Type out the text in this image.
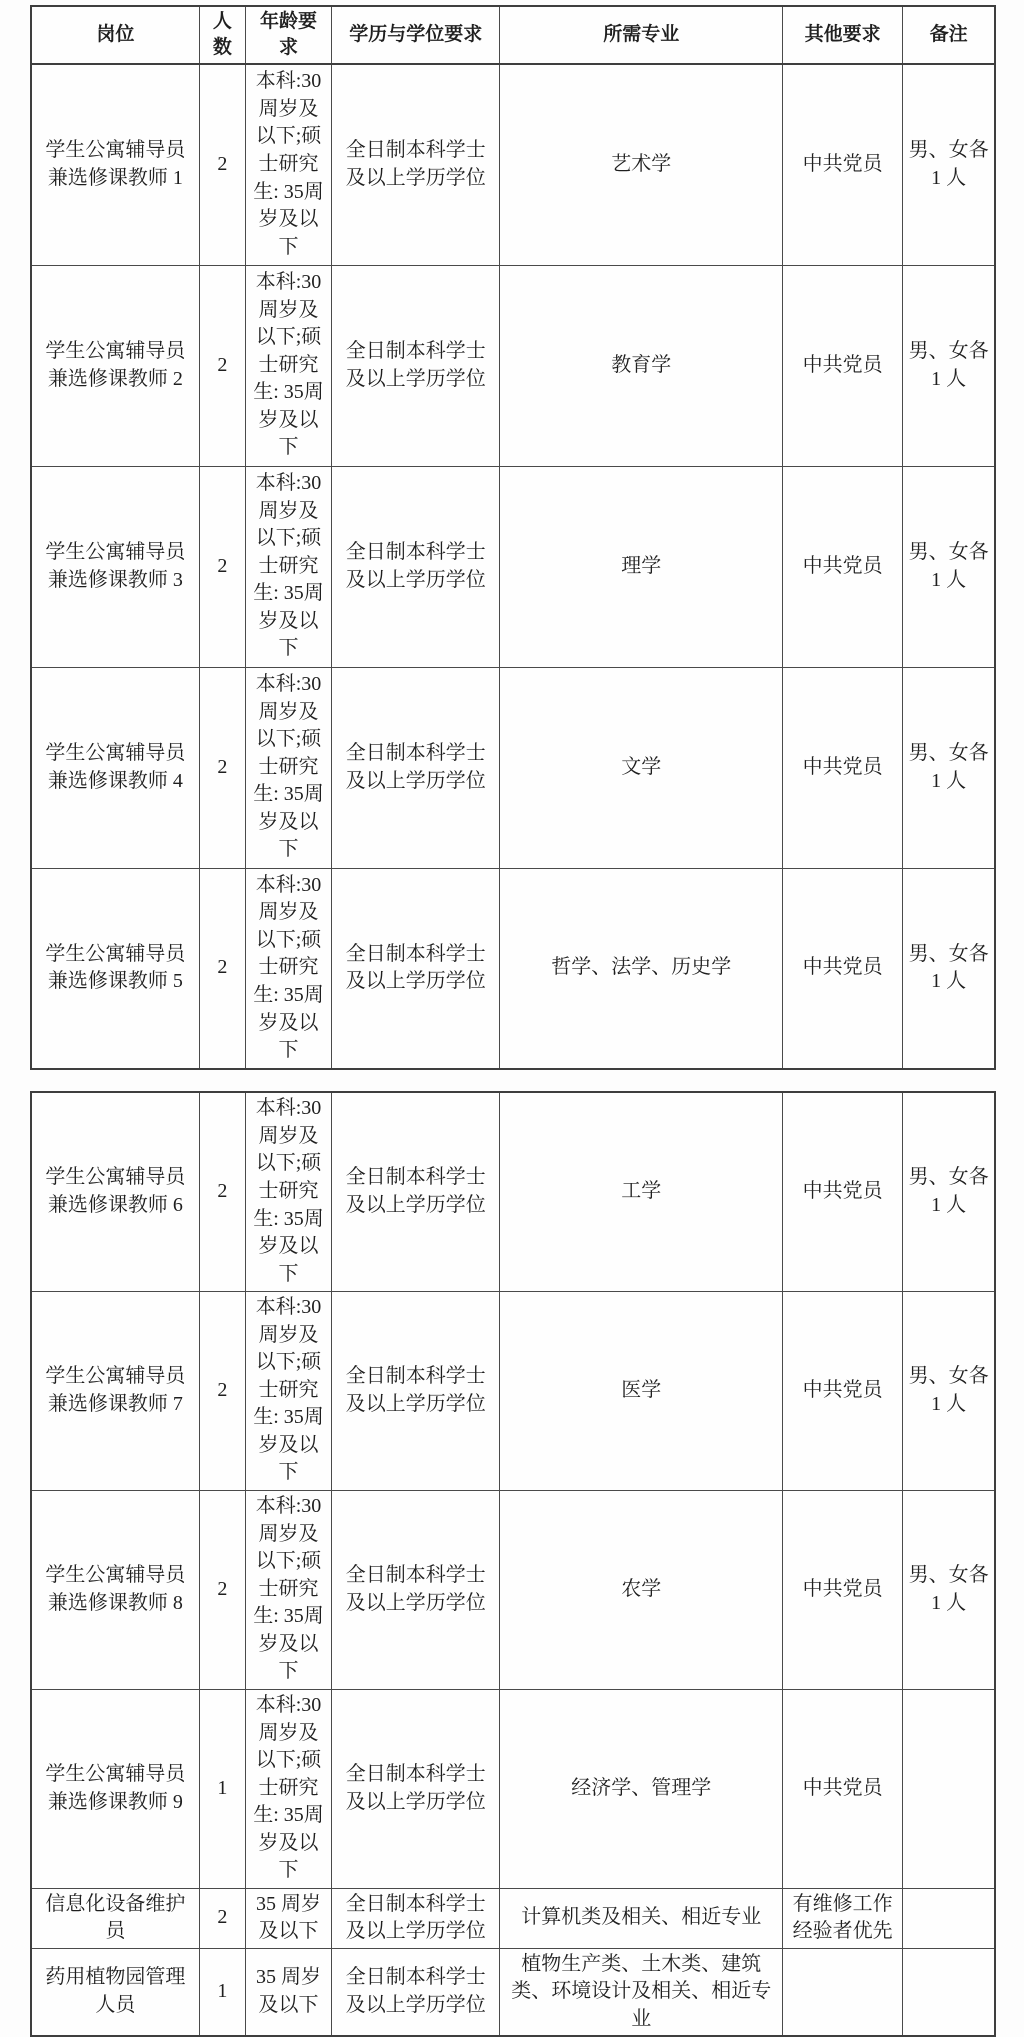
岗位	人数	年龄要求	学历与学位要求	所需专业	其他要求	备注
学生公寓辅导员兼选修课教师 1	2	本科:30周岁及以下;硕士研究生: 35周岁及以下	全日制本科学士及以上学历学位	艺术学	中共党员	男、女各 1 人
学生公寓辅导员兼选修课教师 2	2	本科:30周岁及以下;硕士研究生: 35周岁及以下	全日制本科学士及以上学历学位	教育学	中共党员	男、女各 1 人
学生公寓辅导员兼选修课教师 3	2	本科:30周岁及以下;硕士研究生: 35周岁及以下	全日制本科学士及以上学历学位	理学	中共党员	男、女各 1 人
学生公寓辅导员兼选修课教师 4	2	本科:30周岁及以下;硕士研究生: 35周岁及以下	全日制本科学士及以上学历学位	文学	中共党员	男、女各 1 人
学生公寓辅导员兼选修课教师 5	2	本科:30周岁及以下;硕士研究生: 35周岁及以下	全日制本科学士及以上学历学位	哲学、法学、历史学	中共党员	男、女各 1 人
学生公寓辅导员兼选修课教师 6	2	本科:30周岁及以下;硕士研究生: 35周岁及以下	全日制本科学士及以上学历学位	工学	中共党员	男、女各 1 人
学生公寓辅导员兼选修课教师 7	2	本科:30周岁及以下;硕士研究生: 35周岁及以下	全日制本科学士及以上学历学位	医学	中共党员	男、女各 1 人
学生公寓辅导员兼选修课教师 8	2	本科:30周岁及以下;硕士研究生: 35周岁及以下	全日制本科学士及以上学历学位	农学	中共党员	男、女各 1 人
学生公寓辅导员兼选修课教师 9	1	本科:30周岁及以下;硕士研究生: 35周岁及以下	全日制本科学士及以上学历学位	经济学、管理学	中共党员	
信息化设备维护员	2	35 周岁及以下	全日制本科学士及以上学历学位	计算机类及相关、相近专业	有维修工作经验者优先	
药用植物园管理人员	1	35 周岁及以下	全日制本科学士及以上学历学位	植物生产类、土木类、建筑类、环境设计及相关、相近专业		
